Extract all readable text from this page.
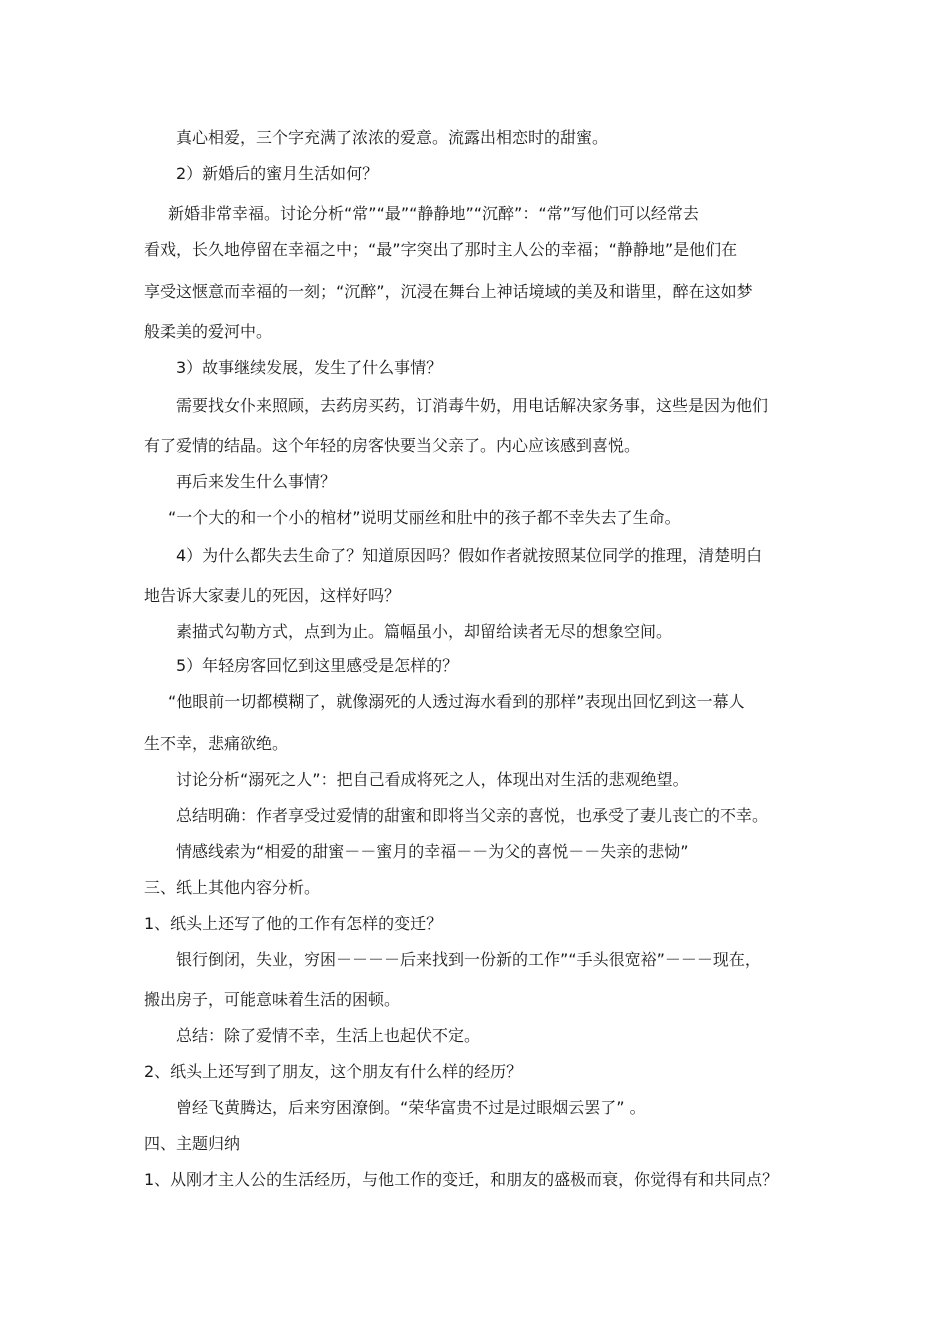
真心相爱，三个字充满了浓浓的爱意。流露出相恋时的甜蜜。
2）新婚后的蜜月生活如何？
新婚非常幸福。讨论分析“常”“最”“静静地”“沉醉”：“常”写他们可以经常去
看戏，长久地停留在幸福之中；“最”字突出了那时主人公的幸福；“静静地”是他们在
享受这惬意而幸福的一刻；“沉醉”，沉浸在舞台上神话境域的美及和谐里，醉在这如梦
般柔美的爱河中。
3）故事继续发展，发生了什么事情？
需要找女仆来照顾，去药房买药，订消毒牛奶，用电话解决家务事，这些是因为他们
有了爱情的结晶。这个年轻的房客快要当父亲了。内心应该感到喜悦。
再后来发生什么事情？
“一个大的和一个小的棺材”说明艾丽丝和肚中的孩子都不幸失去了生命。
4）为什么都失去生命了？知道原因吗？假如作者就按照某位同学的推理，清楚明白
地告诉大家妻儿的死因，这样好吗？
素描式勾勒方式，点到为止。篇幅虽小，却留给读者无尽的想象空间。
5）年轻房客回忆到这里感受是怎样的？
“他眼前一切都模糊了，就像溺死的人透过海水看到的那样”表现出回忆到这一幕人
生不幸，悲痛欲绝。
讨论分析“溺死之人”：把自己看成将死之人，体现出对生活的悲观绝望。
总结明确：作者享受过爱情的甜蜜和即将当父亲的喜悦，也承受了妻儿丧亡的不幸。
情感线索为“相爱的甜蜜－－蜜月的幸福－－为父的喜悦－－失亲的悲恸”
三、纸上其他内容分析。
1、纸头上还写了他的工作有怎样的变迁？
银行倒闭，失业，穷困－－－－后来找到一份新的工作”“手头很宽裕”－－－现在，
搬出房子，可能意味着生活的困顿。
总结：除了爱情不幸，生活上也起伏不定。
2、纸头上还写到了朋友，这个朋友有什么样的经历？
曾经飞黄腾达，后来穷困潦倒。“荣华富贵不过是过眼烟云罢了” 。
四、主题归纳
1、从刚才主人公的生活经历，与他工作的变迁，和朋友的盛极而衰，你觉得有和共同点？
